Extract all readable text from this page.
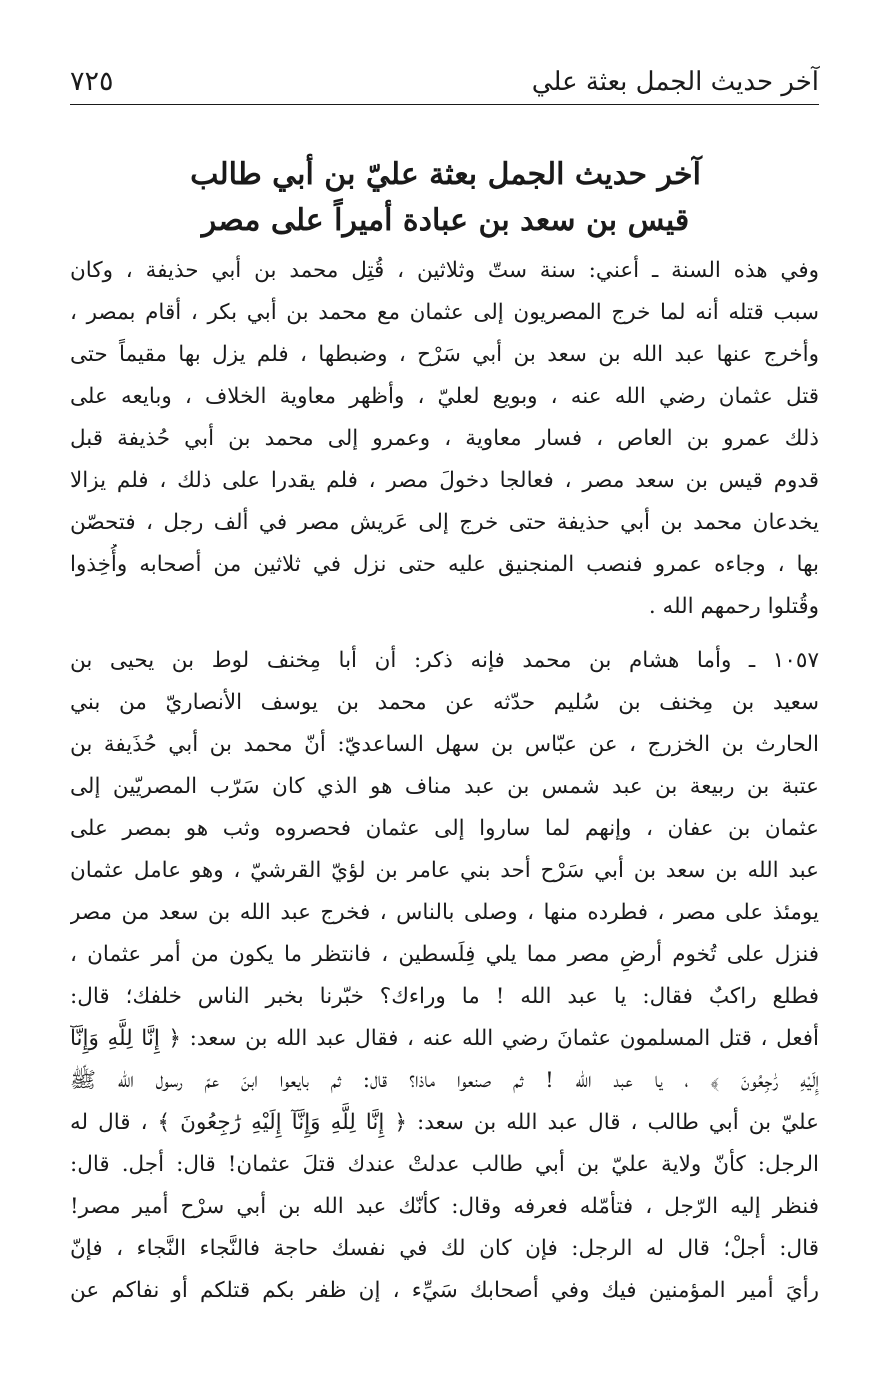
آخر حديث الجمل بعثة علي
٧٢٥
آخر حديث الجمل بعثة عليّ بن أبي طالب
قيس بن سعد بن عبادة أميراً على مصر
وفي هذه السنة ـ أعني: سنة ستّ وثلاثين ، قُتِل محمد بن أبي حذيفة ، وكان
سبب قتله أنه لما خرج المصريون إلى عثمان مع محمد بن أبي بكر ، أقام بمصر ،
وأخرج عنها عبد الله بن سعد بن أبي سَرْح ، وضبطها ، فلم يزل بها مقيماً حتى
قتل عثمان رضي الله عنه ، وبويع لعليّ ، وأظهر معاوية الخلاف ، وبايعه على
ذلك عمرو بن العاص ، فسار معاوية ، وعمرو إلى محمد بن أبي حُذيفة قبل
قدوم قيس بن سعد مصر ، فعالجا دخولَ مصر ، فلم يقدرا على ذلك ، فلم يزالا
يخدعان محمد بن أبي حذيفة حتى خرج إلى عَريش مصر في ألف رجل ، فتحصّن
بها ، وجاءه عمرو فنصب المنجنيق عليه حتى نزل في ثلاثين من أصحابه وأُخِذوا
وقُتلوا رحمهم الله .
١٠٥٧ ـ وأما هشام بن محمد فإنه ذكر: أن أبا مِخنف لوط بن يحيى بن
سعيد بن مِخنف بن سُليم حدّثه عن محمد بن يوسف الأنصاريّ من بني
الحارث بن الخزرج ، عن عبّاس بن سهل الساعديّ: أنّ محمد بن أبي حُذَيفة بن
عتبة بن ربيعة بن عبد شمس بن عبد مناف هو الذي كان سَرّب المصريّين إلى
عثمان بن عفان ، وإنهم لما ساروا إلى عثمان فحصروه وثب هو بمصر على
عبد الله بن سعد بن أبي سَرْح أحد بني عامر بن لؤيّ القرشيّ ، وهو عامل عثمان
يومئذ على مصر ، فطرده منها ، وصلى بالناس ، فخرج عبد الله بن سعد من مصر
فنزل على تُخوم أرضِ مصر مما يلي فِلَسطين ، فانتظر ما يكون من أمر عثمان ،
فطلع راكبٌ فقال: يا عبد الله ! ما وراءك؟ خبّرنا بخبر الناس خلفك؛ قال:
أفعل ، قتل المسلمون عثمانَ رضي الله عنه ، فقال عبد الله بن سعد: ﴿ إِنَّا لِلَّهِ وَإِنَّآ
إِلَيْهِ رَٰجِعُونَ ﴾ ، يا عبد الله ! ثم صنعوا ماذا؟ قال: ثم بايعوا ابنَ عمّ رسول الله ﷺ
عليّ بن أبي طالب ، قال عبد الله بن سعد: ﴿ إِنَّا لِلَّهِ وَإِنَّآ إِلَيْهِ رَٰجِعُونَ ﴾ ، قال له
الرجل: كأنّ ولاية عليّ بن أبي طالب عدلتْ عندك قتلَ عثمان! قال: أجل. قال:
فنظر إليه الرّجل ، فتأمّله فعرفه وقال: كأنّك عبد الله بن أبي سرْح أمير مصر!
قال: أجلْ؛ قال له الرجل: فإن كان لك في نفسك حاجة فالنَّجاء النَّجاء ، فإنّ
رأيَ أمير المؤمنين فيك وفي أصحابك سَيِّء ، إن ظفر بكم قتلكم أو نفاكم عن
